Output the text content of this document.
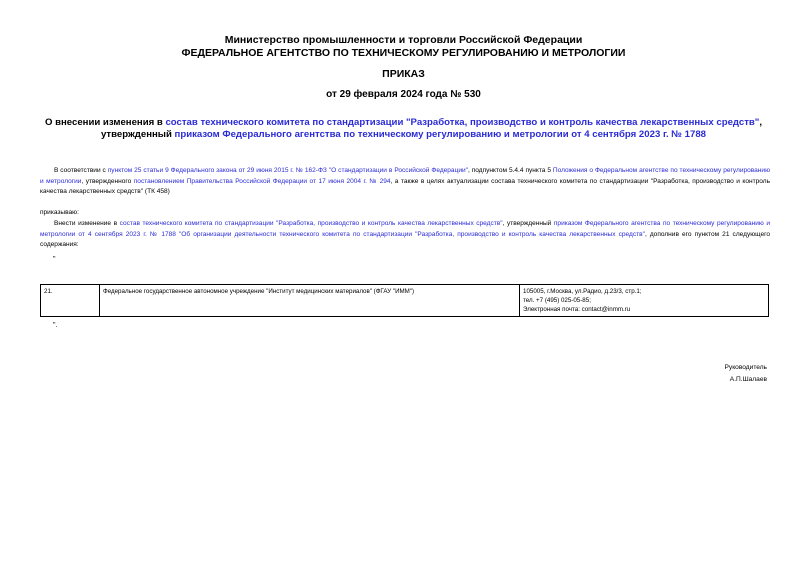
Министерство промышленности и торговли Российской Федерации
ФЕДЕРАЛЬНОЕ АГЕНТСТВО ПО ТЕХНИЧЕСКОМУ РЕГУЛИРОВАНИЮ И МЕТРОЛОГИИ
ПРИКАЗ
от 29 февраля 2024 года № 530
О внесении изменения в состав технического комитета по стандартизации "Разработка, производство и контроль качества лекарственных средств",
утвержденный приказом Федерального агентства по техническому регулированию и метрологии от 4 сентября 2023 г. № 1788
В соответствии с пунктом 25 статьи 9 Федерального закона от 29 июня 2015 г. № 162-ФЗ "О стандартизации в Российской Федерации", подпунктом 5.4.4 пункта 5 Положения о Федеральном агентстве по техническому регулированию и метрологии, утвержденного постановлением Правительства Российской Федерации от 17 июня 2004 г. № 294, а также в целях актуализации состава технического комитета по стандартизации "Разработка, производство и контроль качества лекарственных средств" (ТК 458)
приказываю:
Внести изменение в состав технического комитета по стандартизации "Разработка, производство и контроль качества лекарственных средств", утвержденный приказом Федерального агентства по техническому регулированию и метрологии от 4 сентября 2023 г. № 1788 "Об организации деятельности технического комитета по стандартизации "Разработка, производство и контроль качества лекарственных средств", дополнив его пунктом 21 следующего содержания:
"
21.	Федеральное государственное автономное учреждение "Институт медицинских материалов" (ФГАУ "ИММ")	105005, г.Москва, ул.Радио, д.23/3, стр.1;
тел. +7 (495) 025-05-85;
Электронная почта: contact@inmm.ru
".
Руководитель
А.П.Шалаев
